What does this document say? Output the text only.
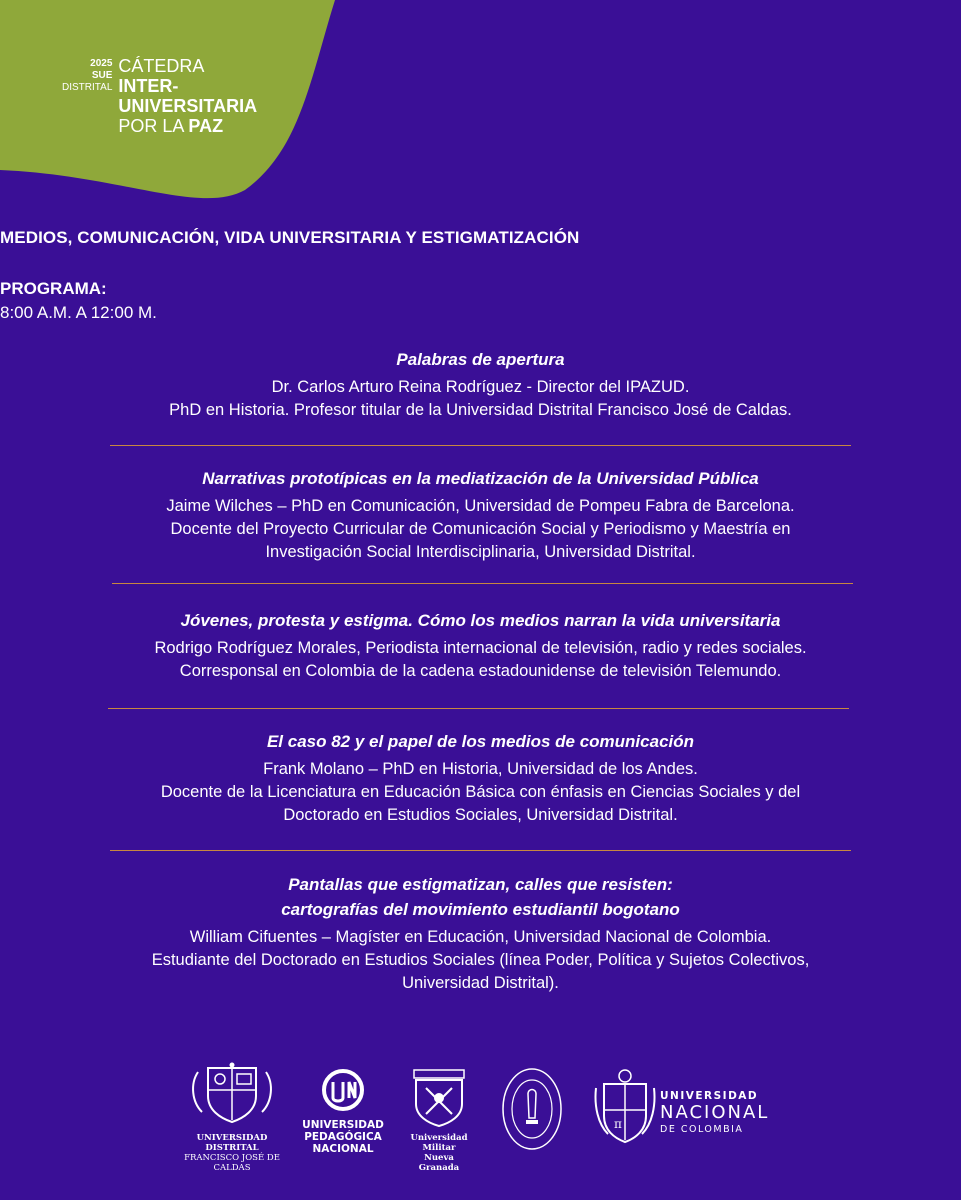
2025
SUE
DISTRITAL
CÁTEDRA
INTER-
UNIVERSITARIA
POR LA PAZ
MEDIOS, COMUNICACIÓN, VIDA UNIVERSITARIA Y ESTIGMATIZACIÓN
PROGRAMA:
8:00 A.M. A 12:00 M.
Palabras de apertura
Dr. Carlos Arturo Reina Rodríguez - Director del IPAZUD.
PhD en Historia. Profesor titular de la Universidad Distrital Francisco José de Caldas.
Narrativas prototípicas en la mediatización de la Universidad Pública
Jaime Wilches – PhD en Comunicación, Universidad de Pompeu Fabra de Barcelona.
Docente del Proyecto Curricular de Comunicación Social y Periodismo y Maestría en
Investigación Social Interdisciplinaria, Universidad Distrital.
Jóvenes, protesta y estigma. Cómo los medios narran la vida universitaria
Rodrigo Rodríguez Morales, Periodista internacional de televisión, radio y redes sociales.
Corresponsal en Colombia de la cadena estadounidense de televisión Telemundo.
El caso 82 y el papel de los medios de comunicación
Frank Molano – PhD en Historia, Universidad de los Andes.
Docente de la Licenciatura en Educación Básica con énfasis en Ciencias Sociales y del
Doctorado en Estudios Sociales, Universidad Distrital.
Pantallas que estigmatizan, calles que resisten:
cartografías del movimiento estudiantil bogotano
William Cifuentes – Magíster en Educación, Universidad Nacional de Colombia.
Estudiante del Doctorado en Estudios Sociales (línea Poder, Política y Sujetos Colectivos,
Universidad Distrital).
UNIVERSIDAD DISTRITAL
FRANCISCO JOSÉ DE CALDAS
UNIVERSIDAD
PEDAGÓGICA
NACIONAL
Universidad Militar
Nueva Granada
π
UNIVERSIDAD
NACIONAL
DE COLOMBIA
